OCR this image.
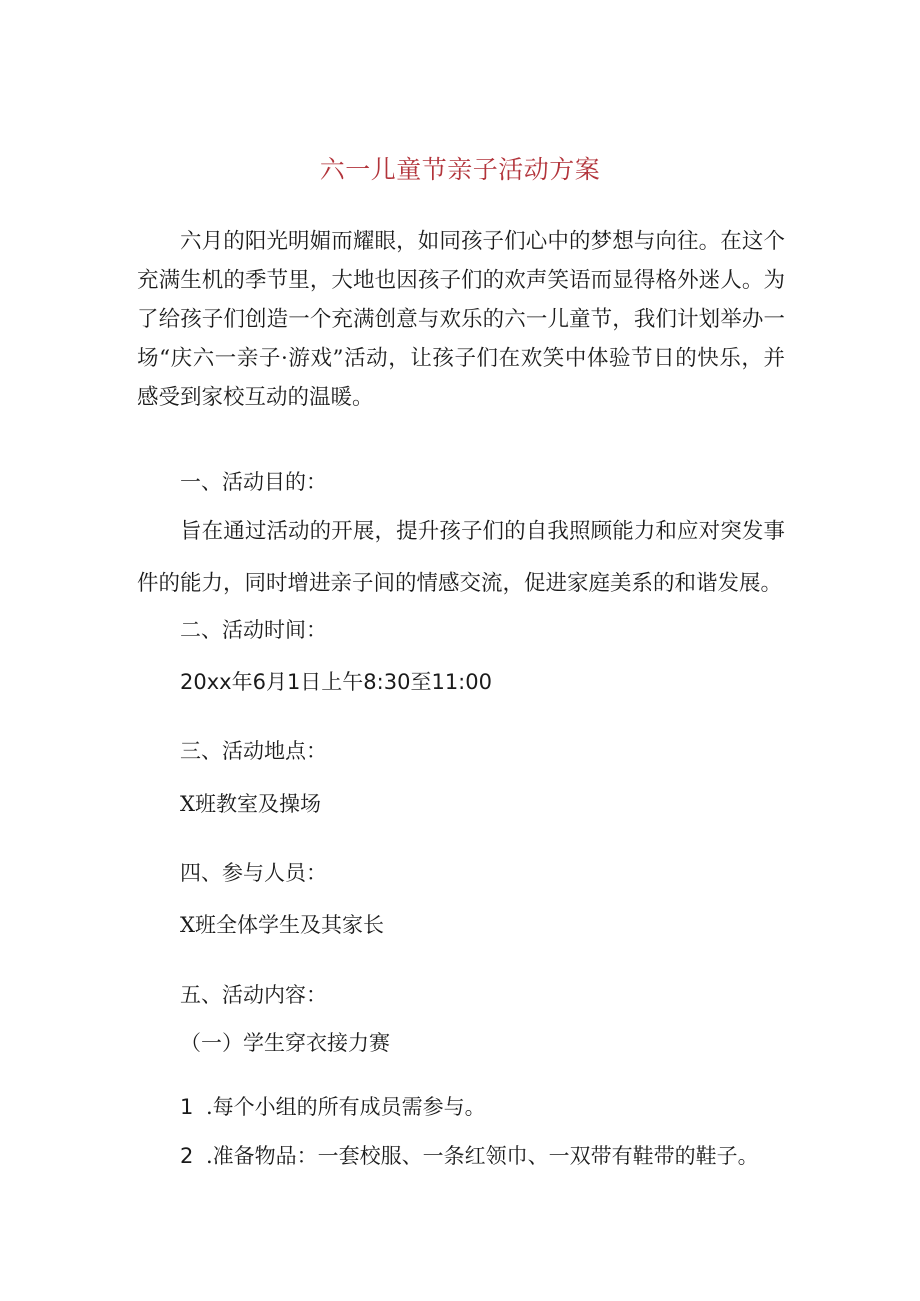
六一儿童节亲子活动方案

六月的阳光明媚而耀眼，如同孩子们心中的梦想与向往。在这个充满生机的季节里，大地也因孩子们的欢声笑语而显得格外迷人。为了给孩子们创造一个充满创意与欢乐的六一儿童节，我们计划举办一场“庆六一亲子·游戏”活动，让孩子们在欢笑中体验节日的快乐，并感受到家校互动的温暖。

一、活动目的：

旨在通过活动的开展，提升孩子们的自我照顾能力和应对突发事件的能力，同时增进亲子间的情感交流，促进家庭美系的和谐发展。

二、活动时间：

20xx年6月1日上午8:30至11:00

三、活动地点：

X班教室及操场

四、参与人员：

X班全体学生及其家长

五、活动内容：

（一）学生穿衣接力赛

1 .每个小组的所有成员需参与。

2 .准备物品：一套校服、一条红领巾、一双带有鞋带的鞋子。
